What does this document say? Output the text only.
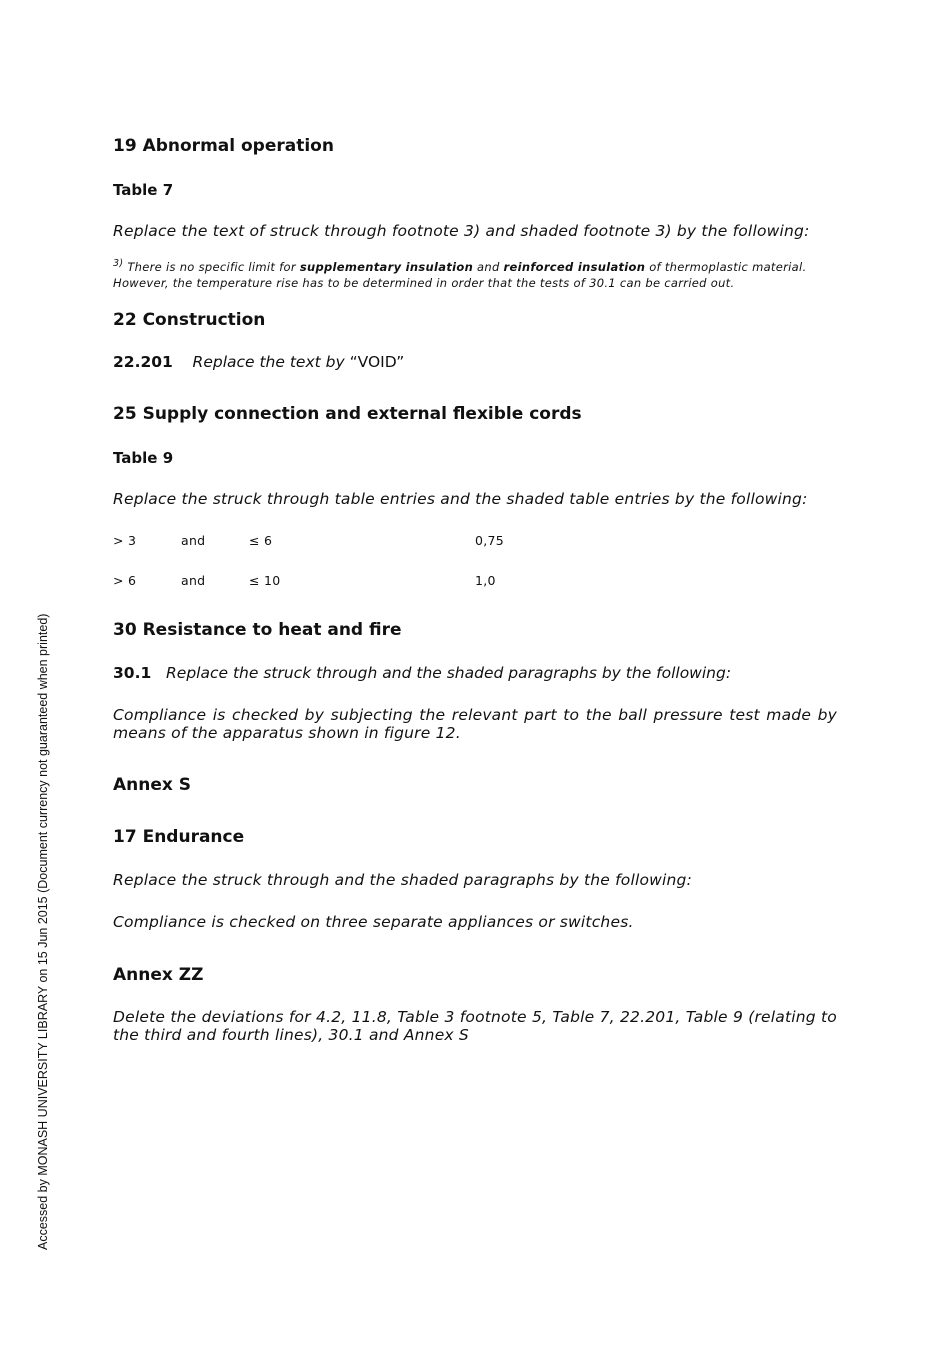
Accessed by MONASH UNIVERSITY LIBRARY on 15 Jun 2015 (Document currency not guaranteed when printed)
19 Abnormal operation
Table 7
Replace the text of struck through footnote 3) and shaded footnote 3) by the following:
$^{3)}$ There is no specific limit for supplementary insulation and reinforced insulation of thermoplastic material.
However, the temperature rise has to be determined in order that the tests of 30.1 can be carried out.
22 Construction
22.201 Replace the text by “VOID”
25 Supply connection and external flexible cords
Table 9
Replace the struck through table entries and the shaded table entries by the following:
> 3	and	≤ 6	0,75
> 6	and	≤ 10	1,0
30 Resistance to heat and fire
30.1 Replace the struck through and the shaded paragraphs by the following:
Compliance is checked by subjecting the relevant part to the ball pressure test made by means of the apparatus shown in figure 12.
Annex S
17 Endurance
Replace the struck through and the shaded paragraphs by the following:
Compliance is checked on three separate appliances or switches.
Annex ZZ
Delete the deviations for 4.2, 11.8, Table 3 footnote 5, Table 7, 22.201, Table 9 (relating to the third and fourth lines), 30.1 and Annex S
